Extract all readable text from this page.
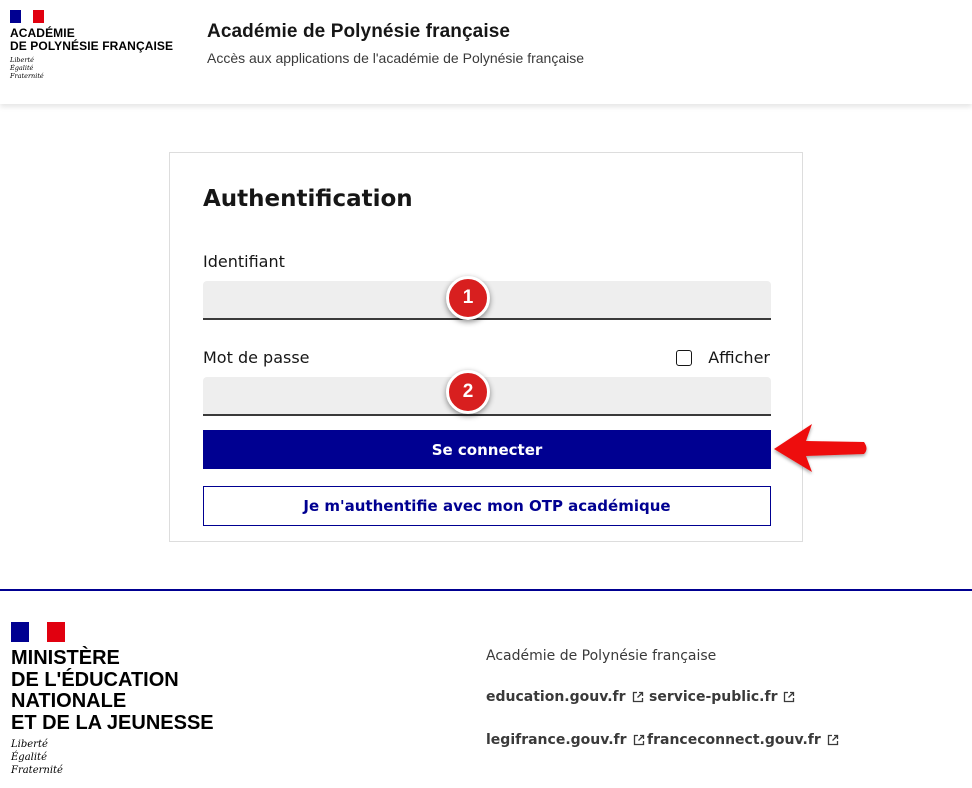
ACADÉMIE
DE POLYNÉSIE FRANÇAISE
Liberté
Égalité
Fraternité
Académie de Polynésie française
Accès aux applications de l'académie de Polynésie française
Authentification
Identifiant
Mot de passe	Afficher
Se connecter
Je m'authentifie avec mon OTP académique
1
2
MINISTÈRE
DE L'ÉDUCATION
NATIONALE
ET DE LA JEUNESSE
Liberté
Égalité
Fraternité
Académie de Polynésie française
education.gouv.fr service-public.fr
legifrance.gouv.fr franceconnect.gouv.fr
